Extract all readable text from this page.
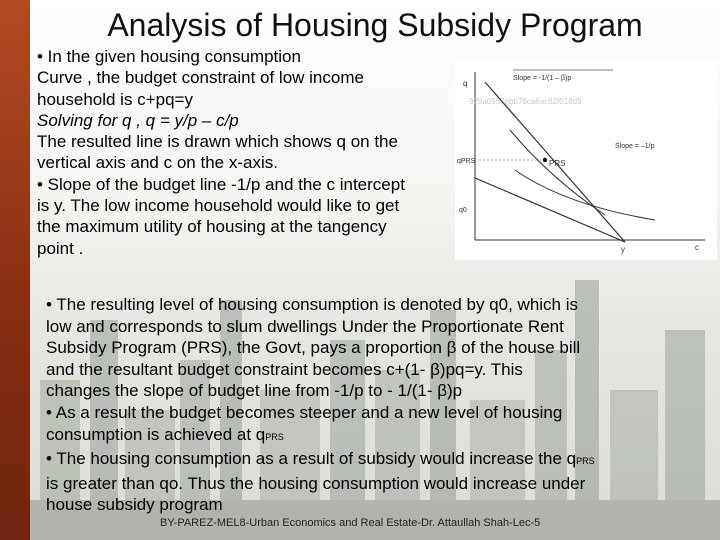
Analysis of Housing Subsidy Program

• In the given housing consumption

Curve , the budget constraint of low income

household is c+pq=y

Solving for q , q = y/p – c/p

The resulted line is drawn which shows q on the

vertical axis and c on the x-axis.

• Slope of the budget line -1/p and the c intercept

is y. The low income household would like to get

the maximum utility of housing at the tangency

point .

q
c
929a0557ebb76ca6ac82f018d9
Slope = -1/(1 – β)p
PRS
qPRS
q0
Slope = –1/p
y

• The resulting level of housing consumption is denoted by q0, which is

low and corresponds to slum dwellings Under the Proportionate Rent

Subsidy Program (PRS), the Govt, pays a proportion β of the house bill

and the resultant budget constraint becomes c+(1- β)pq=y. This

changes the slope of budget line from -1/p to - 1/(1- β)p

• As a result the budget becomes steeper and a new level of housing

consumption is achieved at qPRS

• The housing consumption as a result of subsidy would increase the qPRS

is greater than qo. Thus the housing consumption would increase under

house subsidy program

BY-PAREZ-MEL8-Urban Economics and Real Estate-Dr. Attaullah Shah-Lec-5
